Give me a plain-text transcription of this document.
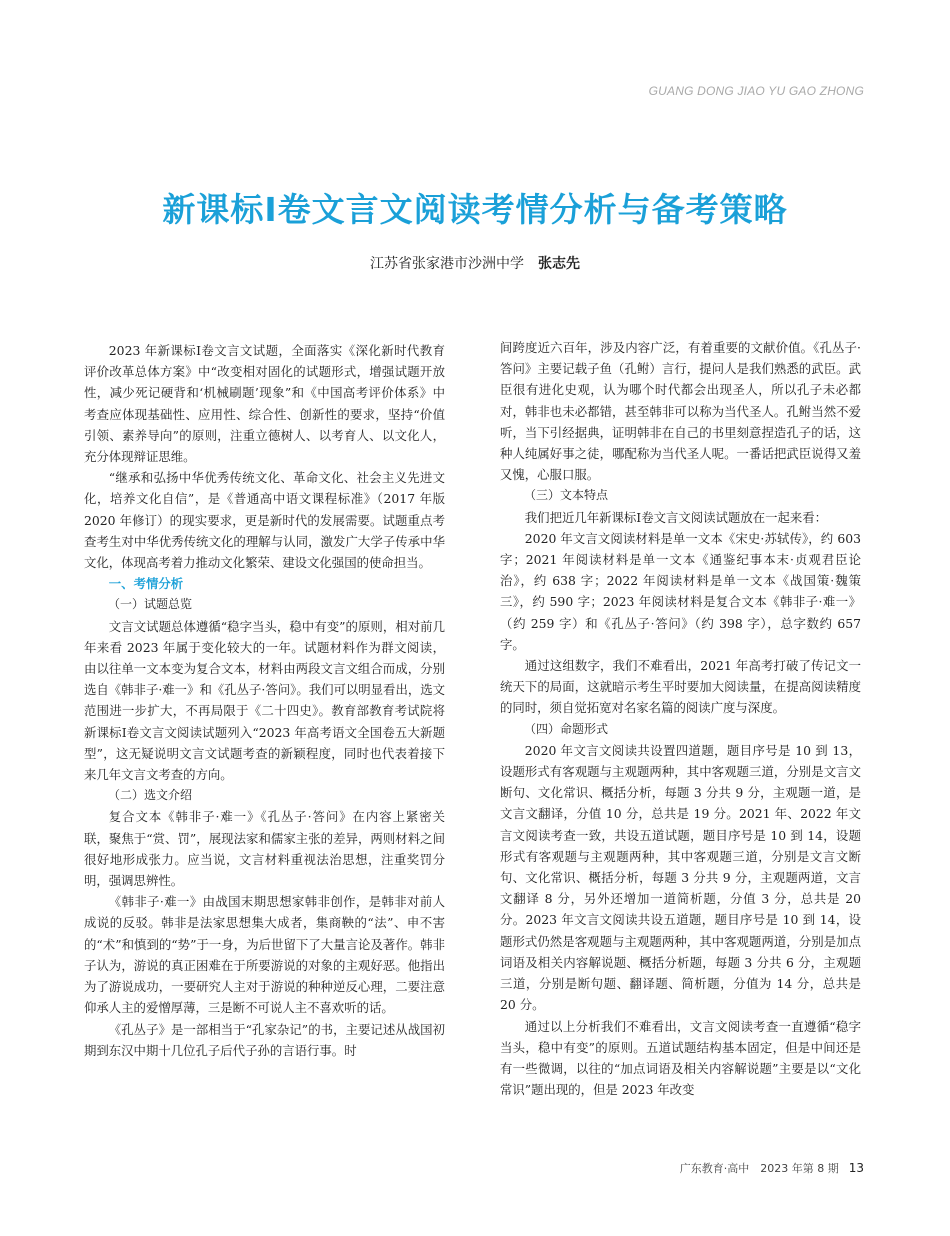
GUANG DONG JIAO YU GAO ZHONG
新课标Ⅰ卷文言文阅读考情分析与备考策略
江苏省张家港市沙洲中学 张志先

2023 年新课标Ⅰ卷文言文试题，全面落实《深化新时代教育评价改革总体方案》中“改变相对固化的试题形式，增强试题开放性，减少死记硬背和‘机械刷题’现象”和《中国高考评价体系》中考查应体现基础性、应用性、综合性、创新性的要求，坚持“价值引领、素养导向”的原则，注重立德树人、以考育人、以文化人，充分体现辩证思维。

“继承和弘扬中华优秀传统文化、革命文化、社会主义先进文化，培养文化自信”，是《普通高中语文课程标准》（2017 年版 2020 年修订）的现实要求，更是新时代的发展需要。试题重点考查考生对中华优秀传统文化的理解与认同，激发广大学子传承中华文化，体现高考着力推动文化繁荣、建设文化强国的使命担当。

一、考情分析
（一）试题总览

文言文试题总体遵循“稳字当头，稳中有变”的原则，相对前几年来看 2023 年属于变化较大的一年。试题材料作为群文阅读，由以往单一文本变为复合文本，材料由两段文言文组合而成，分别选自《韩非子·难一》和《孔丛子·答问》。我们可以明显看出，选文范围进一步扩大，不再局限于《二十四史》。教育部教育考试院将新课标Ⅰ卷文言文阅读试题列入“2023 年高考语文全国卷五大新题型”，这无疑说明文言文试题考查的新颖程度，同时也代表着接下来几年文言文考查的方向。

（二）选文介绍

复合文本《韩非子·难一》《孔丛子·答问》在内容上紧密关联，聚焦于“赏、罚”，展现法家和儒家主张的差异，两则材料之间很好地形成张力。应当说，文言材料重视法治思想，注重奖罚分明，强调思辨性。

《韩非子·难一》由战国末期思想家韩非创作，是韩非对前人成说的反驳。韩非是法家思想集大成者，集商鞅的“法”、申不害的“术”和慎到的“势”于一身，为后世留下了大量言论及著作。韩非子认为，游说的真正困难在于所要游说的对象的主观好恶。他指出为了游说成功，一要研究人主对于游说的种种逆反心理，二要注意仰承人主的爱憎厚薄，三是断不可说人主不喜欢听的话。

《孔丛子》是一部相当于“孔家杂记”的书，主要记述从战国初期到东汉中期十几位孔子后代子孙的言语行事。时

间跨度近六百年，涉及内容广泛，有着重要的文献价值。《孔丛子·答问》主要记载子鱼（孔鲋）言行，提问人是我们熟悉的武臣。武臣很有进化史观，认为哪个时代都会出现圣人，所以孔子未必都对，韩非也未必都错，甚至韩非可以称为当代圣人。孔鲋当然不爱听，当下引经据典，证明韩非在自己的书里刻意捏造孔子的话，这种人纯属好事之徒，哪配称为当代圣人呢。一番话把武臣说得又羞又愧，心服口服。

（三）文本特点

我们把近几年新课标Ⅰ卷文言文阅读试题放在一起来看：

2020 年文言文阅读材料是单一文本《宋史·苏轼传》，约 603 字；2021 年阅读材料是单一文本《通鉴纪事本末·贞观君臣论治》，约 638 字；2022 年阅读材料是单一文本《战国策·魏策三》，约 590 字；2023 年阅读材料是复合文本《韩非子·难一》（约 259 字）和《孔丛子·答问》（约 398 字），总字数约 657 字。

通过这组数字，我们不难看出，2021 年高考打破了传记文一统天下的局面，这就暗示考生平时要加大阅读量，在提高阅读精度的同时，须自觉拓宽对名家名篇的阅读广度与深度。

（四）命题形式

2020 年文言文阅读共设置四道题，题目序号是 10 到 13，设题形式有客观题与主观题两种，其中客观题三道，分别是文言文断句、文化常识、概括分析，每题 3 分共 9 分，主观题一道，是文言文翻译，分值 10 分，总共是 19 分。2021 年、2022 年文言文阅读考查一致，共设五道试题，题目序号是 10 到 14，设题形式有客观题与主观题两种，其中客观题三道，分别是文言文断句、文化常识、概括分析，每题 3 分共 9 分，主观题两道，文言文翻译 8 分，另外还增加一道简析题，分值 3 分，总共是 20 分。2023 年文言文阅读共设五道题，题目序号是 10 到 14，设题形式仍然是客观题与主观题两种，其中客观题两道，分别是加点词语及相关内容解说题、概括分析题，每题 3 分共 6 分，主观题三道，分别是断句题、翻译题、简析题，分值为 14 分，总共是 20 分。

通过以上分析我们不难看出，文言文阅读考查一直遵循“稳字当头，稳中有变”的原则。五道试题结构基本固定，但是中间还是有一些微调，以往的“加点词语及相关内容解说题”主要是以“文化常识”题出现的，但是 2023 年改变

广东教育·高中　2023 年第 8 期 13
